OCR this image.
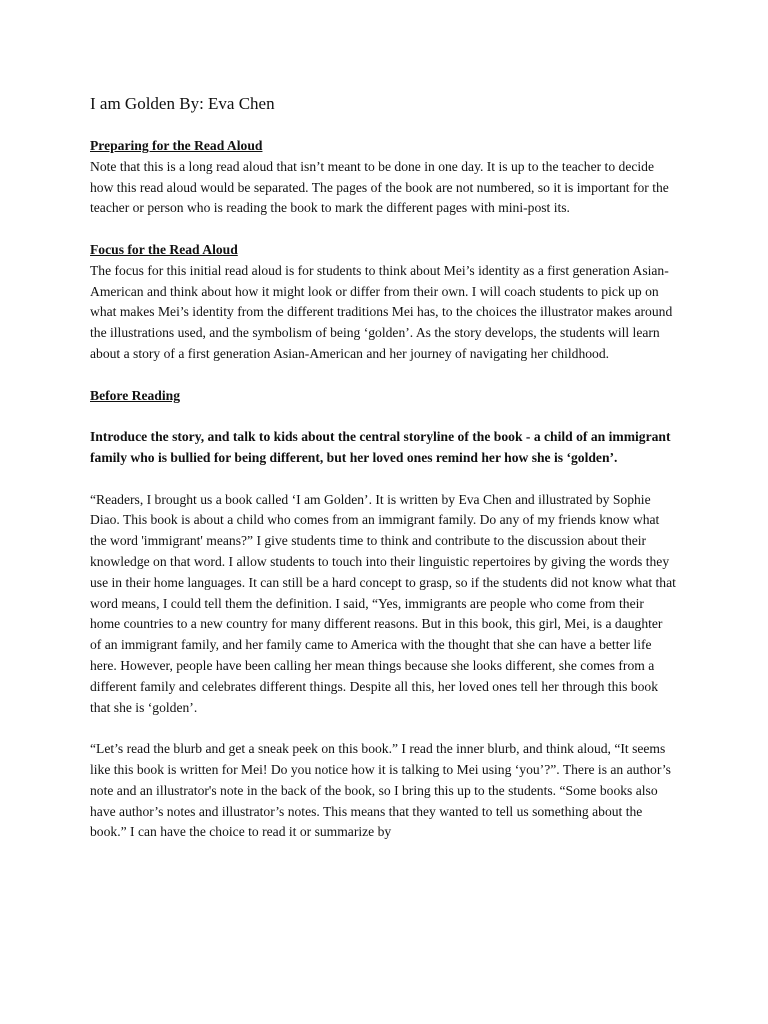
I am Golden By: Eva Chen

Preparing for the Read Aloud

Note that this is a long read aloud that isn’t meant to be done in one day. It is up to the teacher to decide how this read aloud would be separated. The pages of the book are not numbered, so it is important for the teacher or person who is reading the book to mark the different pages with mini-post its.

Focus for the Read Aloud

The focus for this initial read aloud is for students to think about Mei’s identity as a first generation Asian-American and think about how it might look or differ from their own. I will coach students to pick up on what makes Mei’s identity from the different traditions Mei has, to the choices the illustrator makes around the illustrations used, and the symbolism of being ‘golden’. As the story develops, the students will learn about a story of a first generation Asian-American and her journey of navigating her childhood.

Before Reading

Introduce the story, and talk to kids about the central storyline of the book - a child of an immigrant family who is bullied for being different, but her loved ones remind her how she is ‘golden’.

“Readers, I brought us a book called ‘I am Golden’. It is written by Eva Chen and illustrated by Sophie Diao. This book is about a child who comes from an immigrant family. Do any of my friends know what the word 'immigrant' means?” I give students time to think and contribute to the discussion about their knowledge on that word. I allow students to touch into their linguistic repertoires by giving the words they use in their home languages. It can still be a hard concept to grasp, so if the students did not know what that word means, I could tell them the definition. I said, “Yes, immigrants are people who come from their home countries to a new country for many different reasons. But in this book, this girl, Mei, is a daughter of an immigrant family, and her family came to America with the thought that she can have a better life here. However, people have been calling her mean things because she looks different, she comes from a different family and celebrates different things. Despite all this, her loved ones tell her through this book that she is ‘golden’.

“Let’s read the blurb and get a sneak peek on this book.” I read the inner blurb, and think aloud, “It seems like this book is written for Mei! Do you notice how it is talking to Mei using ‘you’?”. There is an author’s note and an illustrator's note in the back of the book, so I bring this up to the students. “Some books also have author’s notes and illustrator’s notes. This means that they wanted to tell us something about the book.” I can have the choice to read it or summarize by
